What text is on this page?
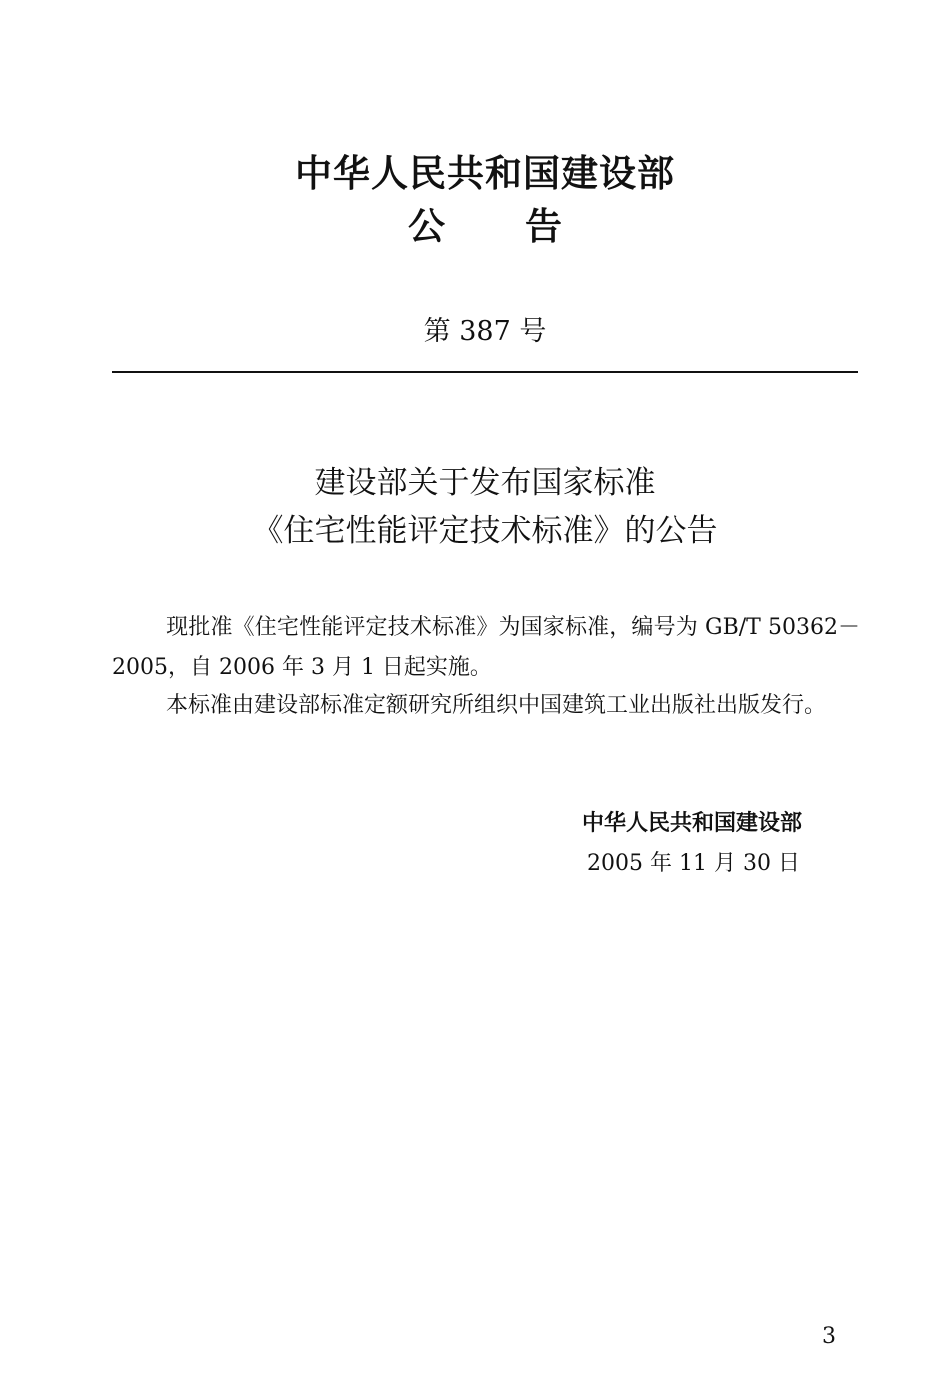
中华人民共和国建设部
公告
第 387 号
建设部关于发布国家标准
《住宅性能评定技术标准》的公告
现批准《住宅性能评定技术标准》为国家标准，编号为 GB/T 50362－2005，自 2006 年 3 月 1 日起实施。
本标准由建设部标准定额研究所组织中国建筑工业出版社出版发行。
中华人民共和国建设部
2005 年 11 月 30 日
3
